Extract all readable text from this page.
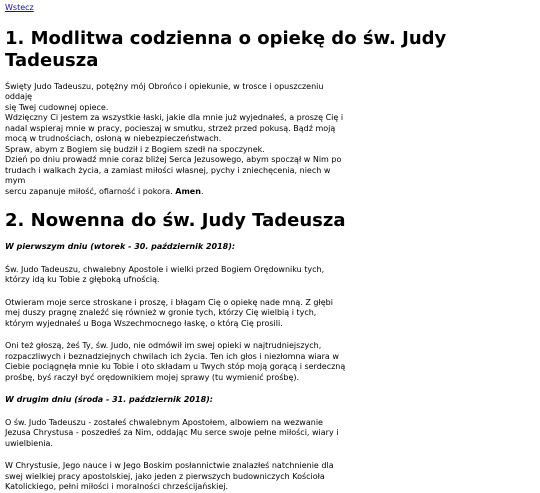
Wstecz
1. Modlitwa codzienna o opiekę do św. Judy Tadeusza
Święty Judo Tadeuszu, potężny mój Obrońco i opiekunie, w trosce i opuszczeniu oddaję
się Twej cudownej opiece.
Wdzięczny Ci jestem za wszystkie łaski, jakie dla mnie już wyjednałeś, a proszę Cię i
nadal wspieraj mnie w pracy, pocieszaj w smutku, strzeż przed pokusą. Bądź moją
mocą w trudnościach, osłoną w niebezpieczeństwach.
Spraw, abym z Bogiem się budził i z Bogiem szedł na spoczynek.
Dzień po dniu prowadź mnie coraz bliżej Serca Jezusowego, abym spoczął w Nim po
trudach i walkach życia, a zamiast miłości własnej, pychy i zniechęcenia, niech w mym
sercu zapanuje miłość, ofiarność i pokora. Amen.
2. Nowenna do św. Judy Tadeusza

W pierwszym dniu (wtorek - 30. październik 2018):

Św. Judo Tadeuszu, chwalebny Apostole i wielki przed Bogiem Orędowniku tych, którzy idą ku Tobie z głęboką ufnością.

Otwieram moje serce stroskane i proszę, i błagam Cię o opiekę nade mną. Z głębi mej duszy pragnę znaleźć się również w gronie tych, którzy Cię wielbią i tych, którym wyjednałeś u Boga Wszechmocnego łaskę, o którą Cię prosili.

Oni też głoszą, żeś Ty, św. Judo, nie odmówił im swej opieki w najtrudniejszych, rozpaczliwych i beznadziejnych chwilach ich życia. Ten ich głos i niezłomna wiara w Ciebie pociągnęła mnie ku Tobie i oto składam u Twych stóp moją gorącą i serdeczną prośbę, byś raczył być orędownikiem mojej sprawy (tu wymienić prośbę).

W drugim dniu (środa - 31. październik 2018):

O św. Judo Tadeuszu - zostałeś chwalebnym Apostołem, albowiem na wezwanie Jezusa Chrystusa - poszedłeś za Nim, oddając Mu serce swoje pełne miłości, wiary i uwielbienia.

W Chrystusie, Jego nauce i w Jego Boskim posłannictwie znalazłeś natchnienie dla swej wielkiej pracy apostolskiej, jako jeden z pierwszych budowniczych Kościoła Katolickiego, pełni miłości i moralności chrześcijańskiej.
